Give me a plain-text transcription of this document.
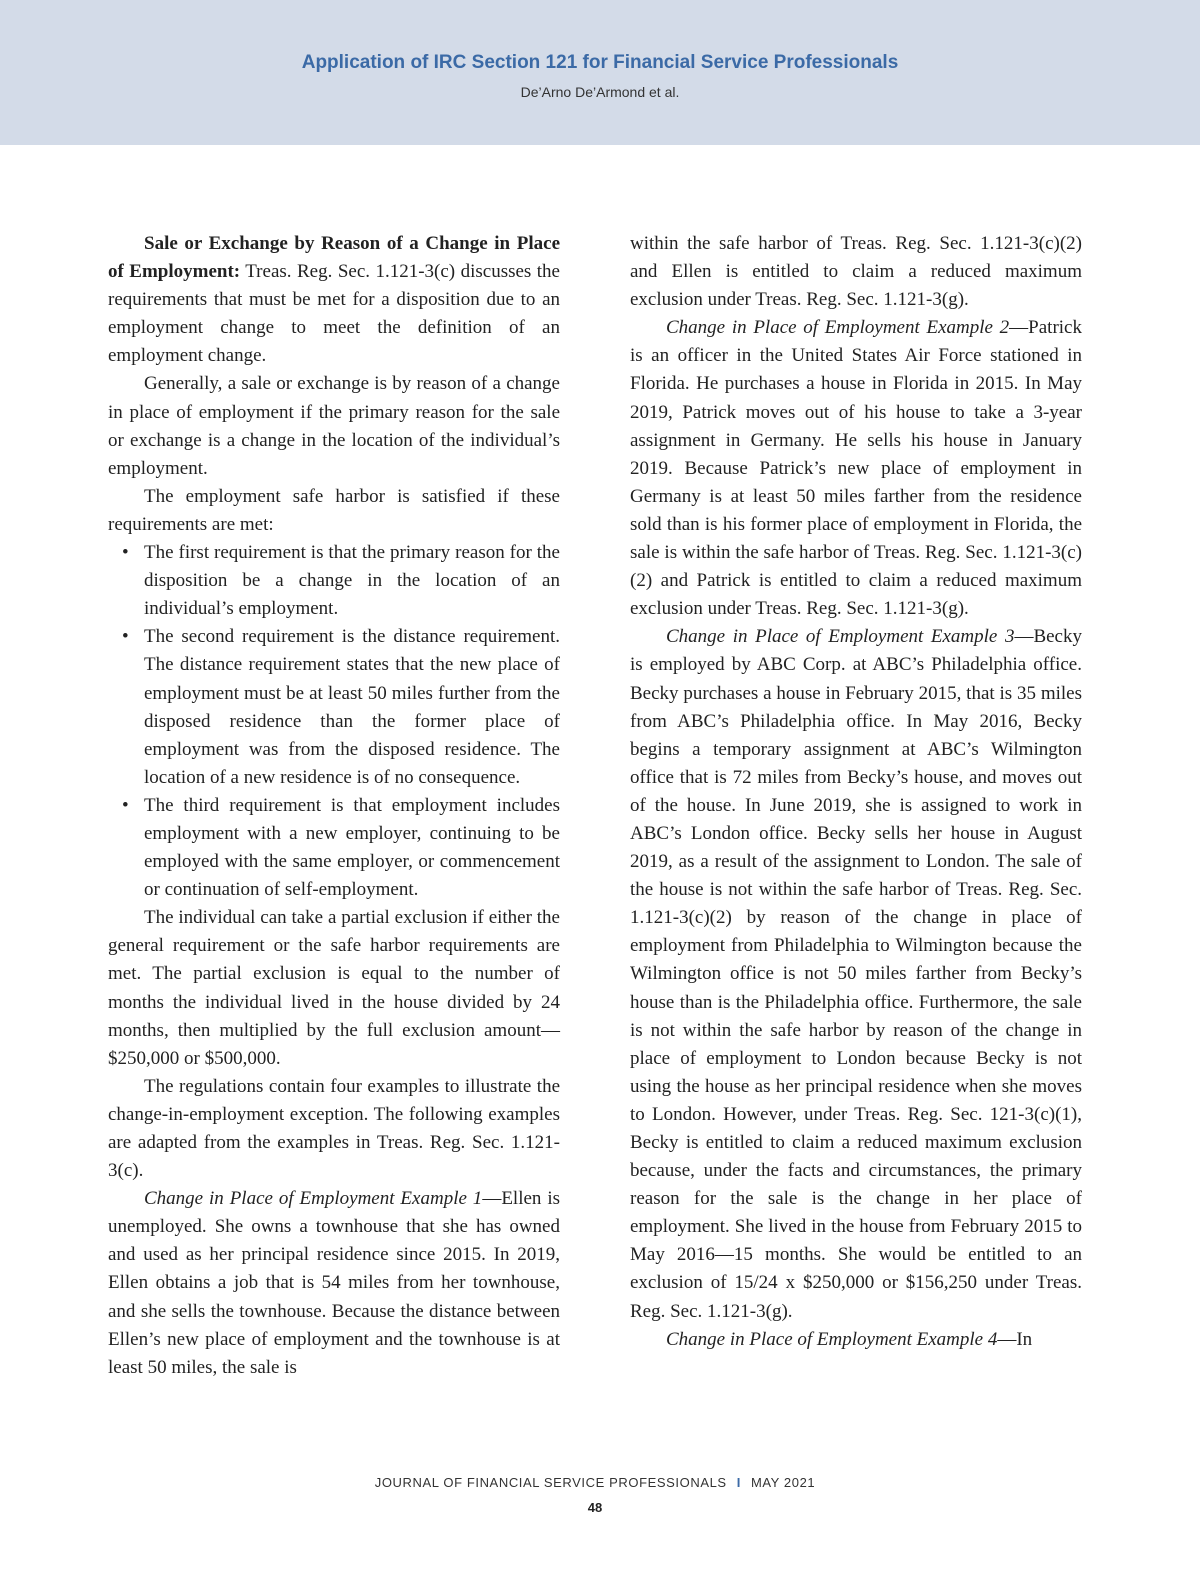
Application of IRC Section 121 for Financial Service Professionals
De’Arno De’Armond et al.

Sale or Exchange by Reason of a Change in Place of Employment: Treas. Reg. Sec. 1.121-3(c) discusses the requirements that must be met for a disposition due to an employment change to meet the definition of an employment change.

Generally, a sale or exchange is by reason of a change in place of employment if the primary reason for the sale or exchange is a change in the location of the individual’s employment.

The employment safe harbor is satisfied if these requirements are met:

• The first requirement is that the primary reason for the disposition be a change in the location of an individual’s employment.
• The second requirement is the distance requirement. The distance requirement states that the new place of employment must be at least 50 miles further from the disposed residence than the former place of employment was from the disposed residence. The location of a new residence is of no consequence.
• The third requirement is that employment includes employment with a new employer, continuing to be employed with the same employer, or commencement or continuation of self-employment.

The individual can take a partial exclusion if either the general requirement or the safe harbor requirements are met. The partial exclusion is equal to the number of months the individual lived in the house divided by 24 months, then multiplied by the full exclusion amount—$250,000 or $500,000.

The regulations contain four examples to illustrate the change-in-employment exception. The following examples are adapted from the examples in Treas. Reg. Sec. 1.121-3(c).

Change in Place of Employment Example 1—Ellen is unemployed. She owns a townhouse that she has owned and used as her principal residence since 2015. In 2019, Ellen obtains a job that is 54 miles from her townhouse, and she sells the townhouse. Because the distance between Ellen’s new place of employment and the townhouse is at least 50 miles, the sale is

within the safe harbor of Treas. Reg. Sec. 1.121-3(c)(2) and Ellen is entitled to claim a reduced maximum exclusion under Treas. Reg. Sec. 1.121-3(g).

Change in Place of Employment Example 2—Patrick is an officer in the United States Air Force stationed in Florida. He purchases a house in Florida in 2015. In May 2019, Patrick moves out of his house to take a 3-year assignment in Germany. He sells his house in January 2019. Because Patrick’s new place of employment in Germany is at least 50 miles farther from the residence sold than is his former place of employment in Florida, the sale is within the safe harbor of Treas. Reg. Sec. 1.121-3(c)(2) and Patrick is entitled to claim a reduced maximum exclusion under Treas. Reg. Sec. 1.121-3(g).

Change in Place of Employment Example 3—Becky is employed by ABC Corp. at ABC’s Philadelphia office. Becky purchases a house in February 2015, that is 35 miles from ABC’s Philadelphia office. In May 2016, Becky begins a temporary assignment at ABC’s Wilmington office that is 72 miles from Becky’s house, and moves out of the house. In June 2019, she is assigned to work in ABC’s London office. Becky sells her house in August 2019, as a result of the assignment to London. The sale of the house is not within the safe harbor of Treas. Reg. Sec. 1.121-3(c)(2) by reason of the change in place of employment from Philadelphia to Wilmington because the Wilmington office is not 50 miles farther from Becky’s house than is the Philadelphia office. Furthermore, the sale is not within the safe harbor by reason of the change in place of employment to London because Becky is not using the house as her principal residence when she moves to London. However, under Treas. Reg. Sec. 121-3(c)(1), Becky is entitled to claim a reduced maximum exclusion because, under the facts and circumstances, the primary reason for the sale is the change in her place of employment. She lived in the house from February 2015 to May 2016—15 months. She would be entitled to an exclusion of 15/24 x $250,000 or $156,250 under Treas. Reg. Sec. 1.121-3(g).

Change in Place of Employment Example 4—In

JOURNAL OF FINANCIAL SERVICE PROFESSIONALS I MAY 2021
48
